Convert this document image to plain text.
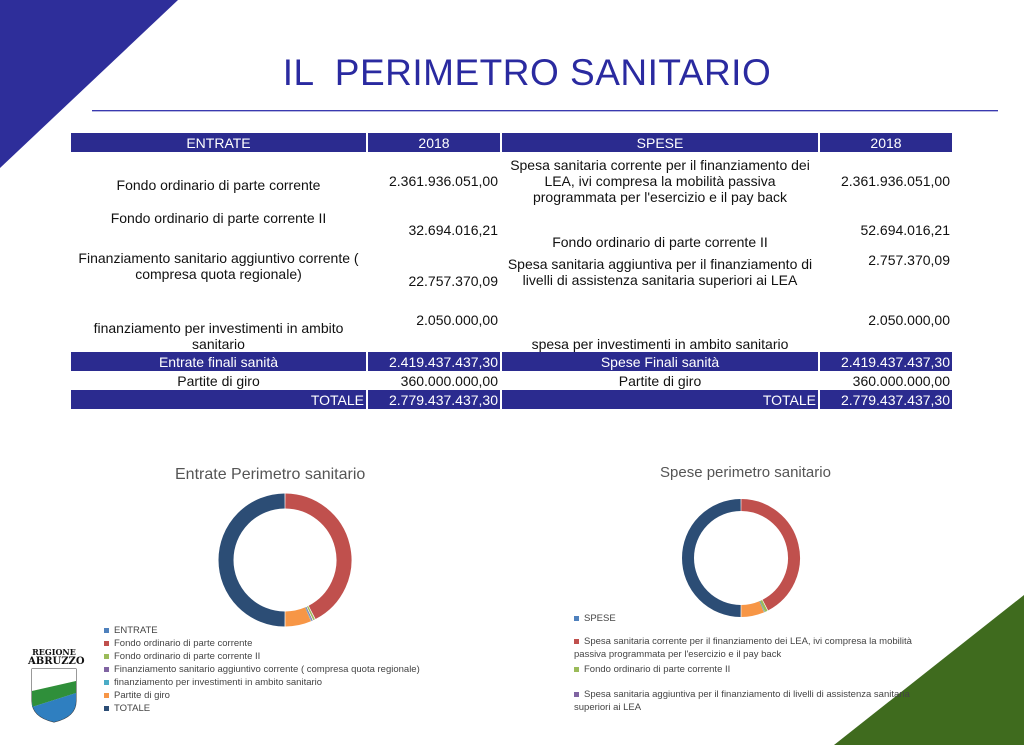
IL  PERIMETRO SANITARIO
ENTRATE	2018	SPESE	2018
Fondo ordinario di parte corrente	2.361.936.051,00	Spesa sanitaria corrente per il finanziamento dei LEA, ivi compresa la mobilità passiva programmata per l'esercizio e il pay back	2.361.936.051,00
Fondo ordinario di parte corrente II	32.694.016,21	Fondo ordinario di parte corrente II	52.694.016,21
Finanziamento sanitario aggiuntivo corrente ( compresa quota regionale)	22.757.370,09	Spesa sanitaria aggiuntiva per il finanziamento di livelli di assistenza sanitaria superiori ai LEA	2.757.370,09
finanziamento per investimenti in ambito sanitario	2.050.000,00	spesa per investimenti in ambito sanitario	2.050.000,00
Entrate finali sanità	2.419.437.437,30	Spese Finali sanità	2.419.437.437,30
Partite di giro	360.000.000,00	Partite di giro	360.000.000,00
TOTALE	2.779.437.437,30	TOTALE	2.779.437.437,30
Entrate Perimetro sanitario
ENTRATE
Fondo ordinario di parte corrente
Fondo ordinario di parte corrente II
Finanziamento sanitario aggiuntivo corrente ( compresa quota regionale)
finanziamento per investimenti in ambito sanitario
Partite di giro
TOTALE
Spese perimetro sanitario
SPESE
Spesa sanitaria corrente per il finanziamento dei LEA, ivi compresa la mobilità passiva programmata per l'esercizio e il pay back
Fondo ordinario di parte corrente II
Spesa sanitaria aggiuntiva per il finanziamento di livelli di assistenza sanitaria superiori ai LEA
REGIONE
ABRUZZO
